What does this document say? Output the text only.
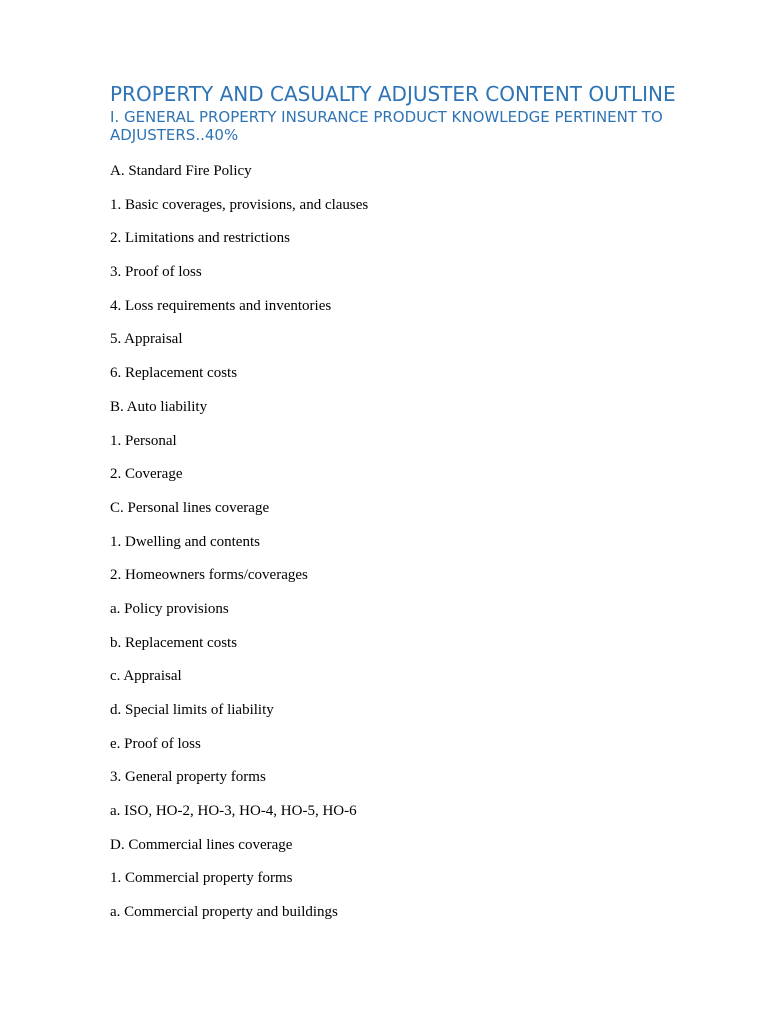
PROPERTY AND CASUALTY ADJUSTER CONTENT OUTLINE
I. GENERAL PROPERTY INSURANCE PRODUCT KNOWLEDGE PERTINENT TO ADJUSTERS..40%
A. Standard Fire Policy
1. Basic coverages, provisions, and clauses
2. Limitations and restrictions
3. Proof of loss
4. Loss requirements and inventories
5. Appraisal
6. Replacement costs
B. Auto liability
1. Personal
2. Coverage
C. Personal lines coverage
1. Dwelling and contents
2. Homeowners forms/coverages
a. Policy provisions
b. Replacement costs
c. Appraisal
d. Special limits of liability
e. Proof of loss
3. General property forms
a. ISO, HO-2, HO-3, HO-4, HO-5, HO-6
D. Commercial lines coverage
1. Commercial property forms
a. Commercial property and buildings
